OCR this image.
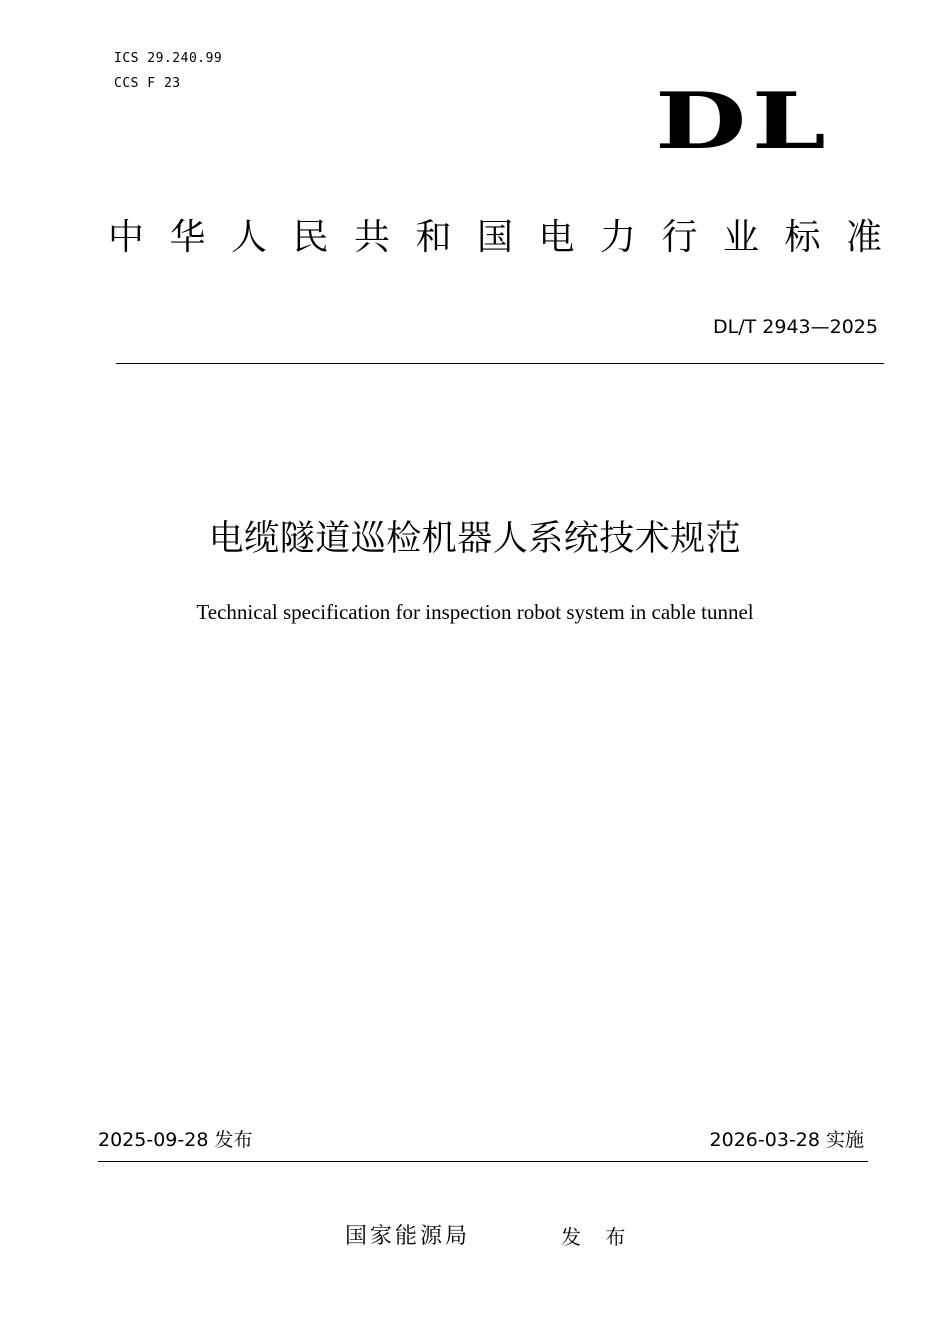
ICS 29.240.99
CCS F 23	DL
中华人民共和国电力行业标准
DL/T 2943—2025
电缆隧道巡检机器人系统技术规范
Technical specification for inspection robot system in cable tunnel
2025-09-28 发布	2026-03-28 实施
国家能源局	发 布
